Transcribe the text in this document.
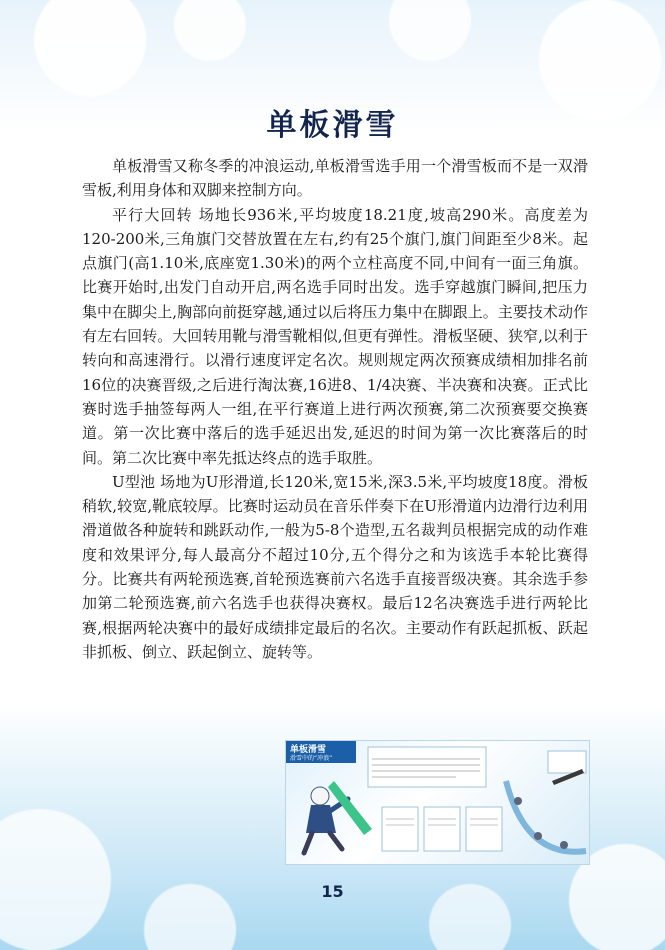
单板滑雪

单板滑雪又称冬季的冲浪运动,单板滑雪选手用一个滑雪板而不是一双滑雪板,利用身体和双脚来控制方向。

平行大回转 场地长936米,平均坡度18.21度,坡高290米。高度差为120-200米,三角旗门交替放置在左右,约有25个旗门,旗门间距至少8米。起点旗门(高1.10米,底座宽1.30米)的两个立柱高度不同,中间有一面三角旗。比赛开始时,出发门自动开启,两名选手同时出发。选手穿越旗门瞬间,把压力集中在脚尖上,胸部向前挺穿越,通过以后将压力集中在脚跟上。主要技术动作有左右回转。大回转用靴与滑雪靴相似,但更有弹性。滑板坚硬、狭窄,以利于转向和高速滑行。以滑行速度评定名次。规则规定两次预赛成绩相加排名前16位的决赛晋级,之后进行淘汰赛,16进8、1/4决赛、半决赛和决赛。正式比赛时选手抽签每两人一组,在平行赛道上进行两次预赛,第二次预赛要交换赛道。第一次比赛中落后的选手延迟出发,延迟的时间为第一次比赛落后的时间。第二次比赛中率先抵达终点的选手取胜。

U型池 场地为U形滑道,长120米,宽15米,深3.5米,平均坡度18度。滑板稍软,较宽,靴底较厚。比赛时运动员在音乐伴奏下在U形滑道内边滑行边利用滑道做各种旋转和跳跃动作,一般为5-8个造型,五名裁判员根据完成的动作难度和效果评分,每人最高分不超过10分,五个得分之和为该选手本轮比赛得分。比赛共有两轮预选赛,首轮预选赛前六名选手直接晋级决赛。其余选手参加第二轮预选赛,前六名选手也获得决赛权。最后12名决赛选手进行两轮比赛,根据两轮决赛中的最好成绩排定最后的名次。主要动作有跃起抓板、跃起非抓板、倒立、跃起倒立、旋转等。

单板滑雪
滑雪中的“冲浪”
15
